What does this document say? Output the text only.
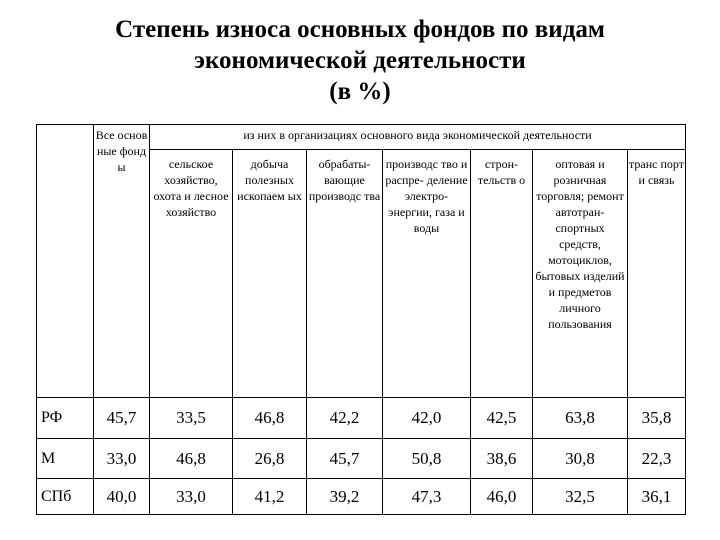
Степень износа основных фондов по видам
экономической деятельности
(в %)
	Все основ ные фонд ы	из них в организациях основного вида экономической деятельности						
		сельское хозяйство, охота и лесное хозяйство	добыча полезных ископаем ых	обрабаты- вающие производс тва	производс тво и распре- деление электро- энергии, газа и воды	строн- тельств о	оптовая и розничная торговля; ремонт автотран- спортных средств, мотоциклов, бытовых изделий и предметов личного пользования	транс порт и связь
РФ	45,7	33,5	46,8	42,2	42,0	42,5	63,8	35,8
М	33,0	46,8	26,8	45,7	50,8	38,6	30,8	22,3
СПб	40,0	33,0	41,2	39,2	47,3	46,0	32,5	36,1
